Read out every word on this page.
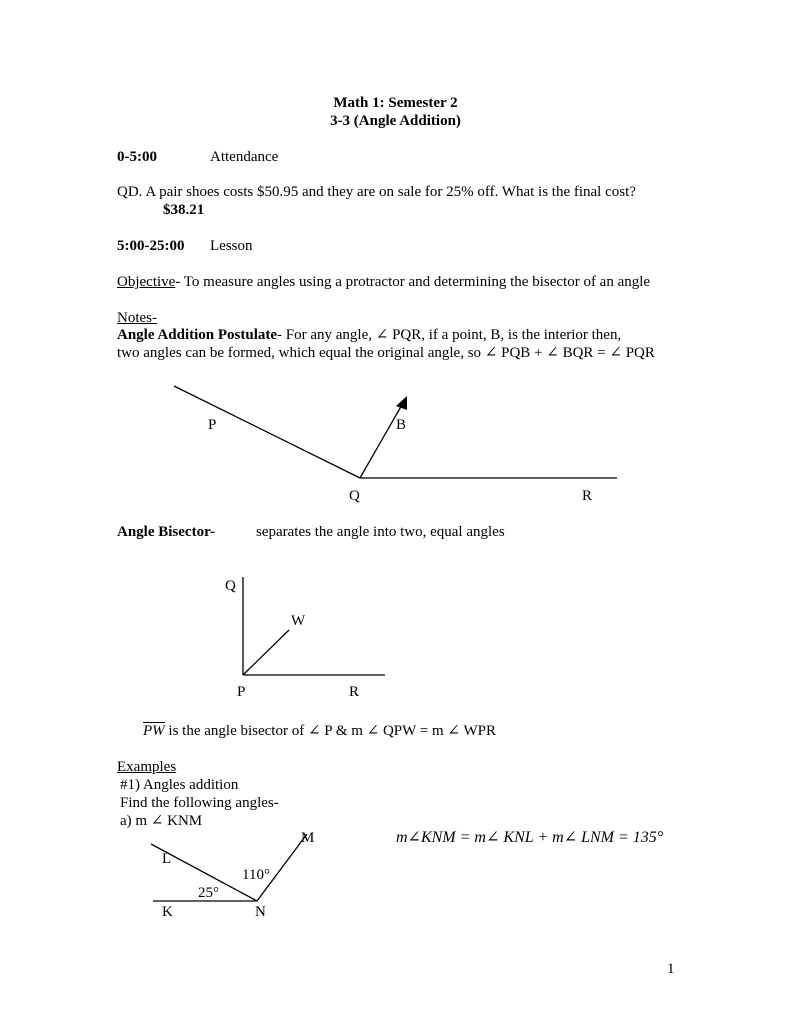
Math 1: Semester 2
3-3 (Angle Addition)
0-5:00	Attendance
QD. A pair shoes costs $50.95 and they are on sale for 25% off. What is the final cost?
$38.21
5:00-25:00 Lesson
Objective- To measure angles using a protractor and determining the bisector of an angle
Notes-
Angle Addition Postulate- For any angle, ∠ PQR, if a point, B, is the interior then,
two angles can be formed, which equal the original angle, so ∠ PQB + ∠ BQR = ∠ PQR
P	B
Q	R
Angle Bisector-	separates the angle into two, equal angles
Q
W
P	R
PW is the angle bisector of ∠ P & m ∠ QPW = m ∠ WPR
Examples
#1) Angles addition
Find the following angles-
a) m ∠ KNM
M
L
110°
25°
K	N
m∠KNM = m∠ KNL + m∠ LNM = 135°
1
